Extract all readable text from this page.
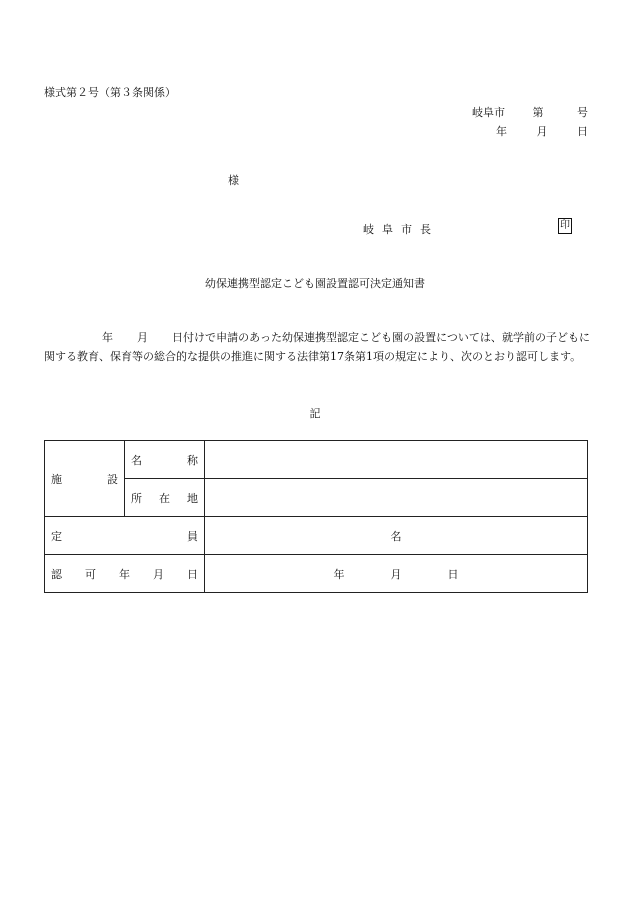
様式第２号（第３条関係）
岐阜市	第	号
年	月	日
様
岐阜市長	印
幼保連携型認定こども園設置認可決定通知書
年 月 日付けで申請のあった幼保連携型認定こども園の設置については、就学前の子どもに関する教育、保育等の総合的な提供の推進に関する法律第17条第1項の規定により、次のとおり認可します。
記
施 設	名 称	

	所 在 地	

定 員		名

認 可 年 月 日		年 月 日
